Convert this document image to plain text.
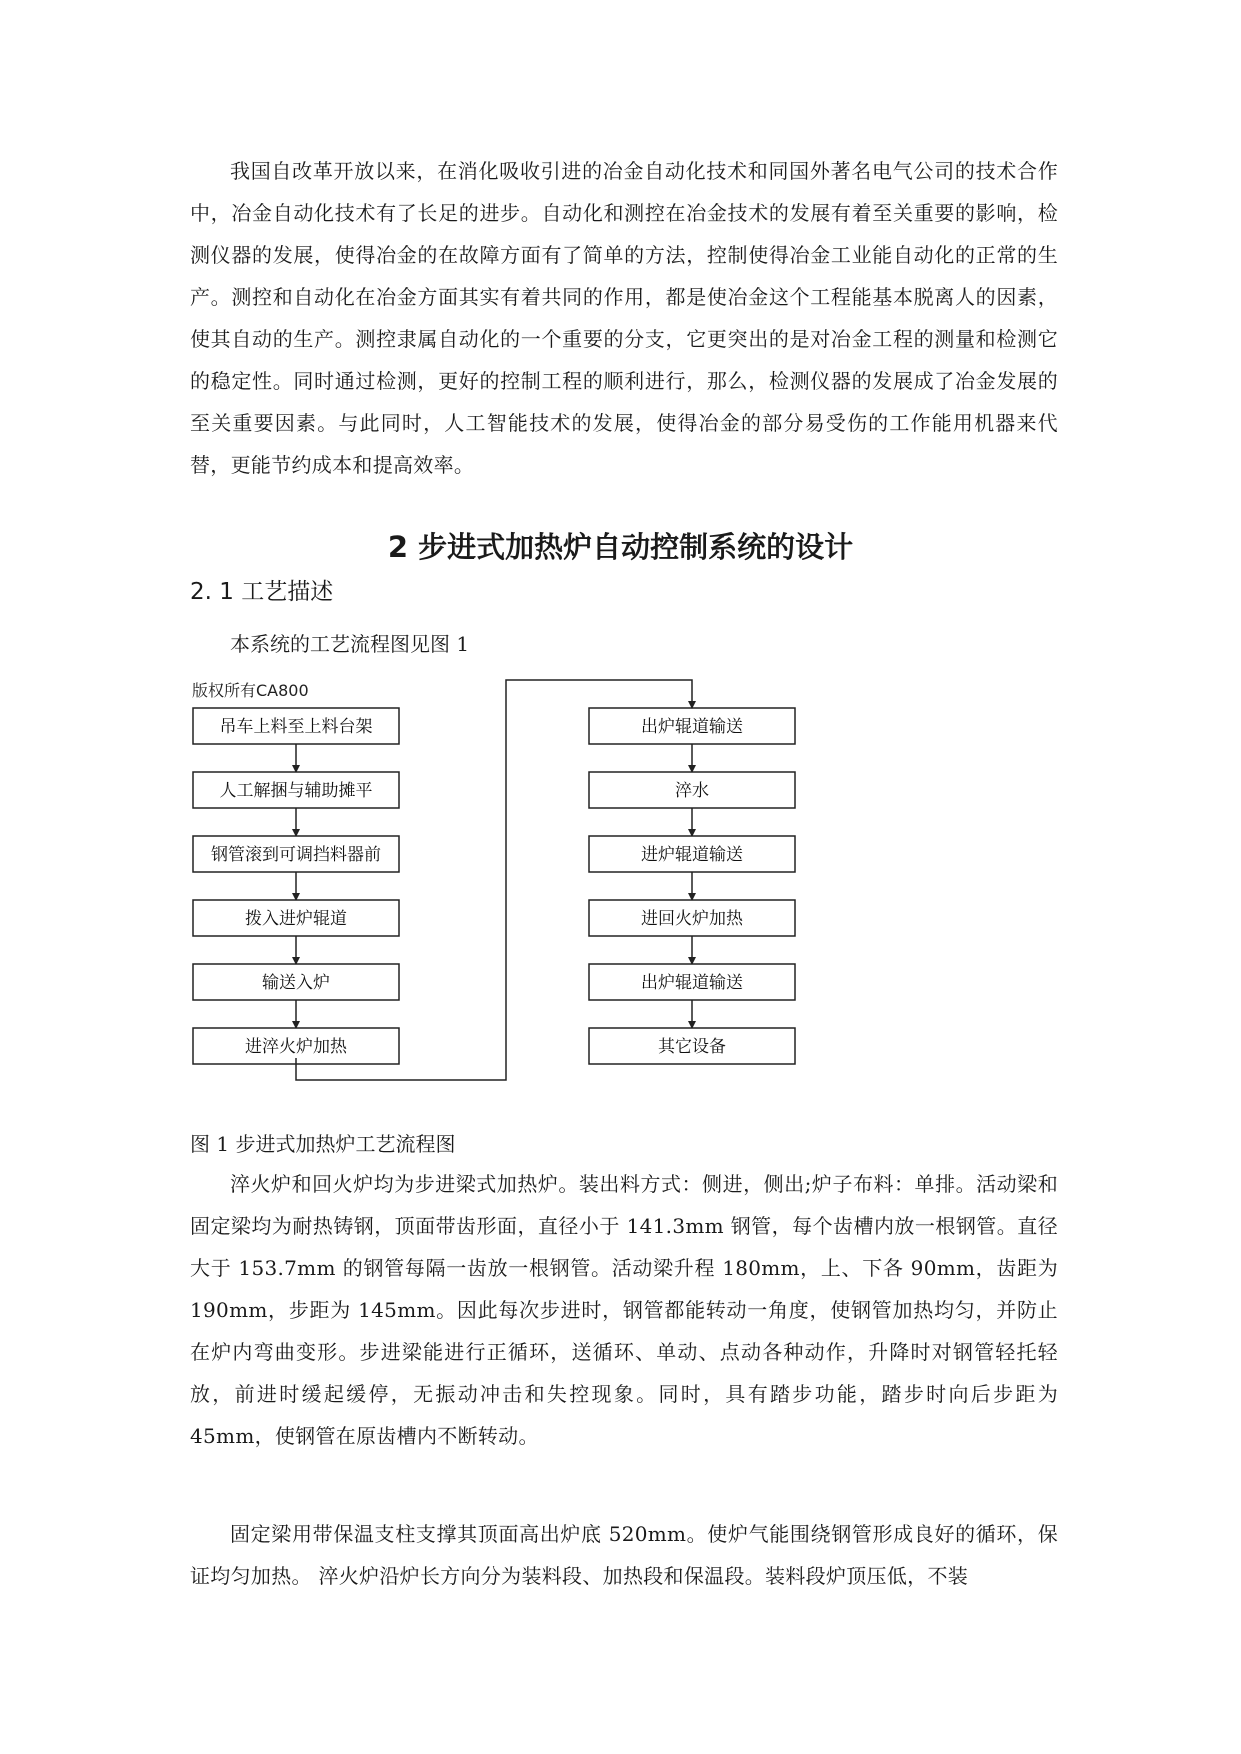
我国自改革开放以来，在消化吸收引进的冶金自动化技术和同国外著名电气公司的技术合作中，冶金自动化技术有了长足的进步。自动化和测控在冶金技术的发展有着至关重要的影响，检测仪器的发展，使得冶金的在故障方面有了简单的方法，控制使得冶金工业能自动化的正常的生产。测控和自动化在冶金方面其实有着共同的作用，都是使冶金这个工程能基本脱离人的因素，使其自动的生产。测控隶属自动化的一个重要的分支，它更突出的是对冶金工程的测量和检测它的稳定性。同时通过检测，更好的控制工程的顺利进行，那么，检测仪器的发展成了冶金发展的至关重要因素。与此同时，人工智能技术的发展，使得冶金的部分易受伤的工作能用机器来代替，更能节约成本和提高效率。

2 步进式加热炉自动控制系统的设计
2. 1 工艺描述

本系统的工艺流程图见图 1

版权所有CA800
吊车上料至上料台架
人工解捆与辅助摊平
钢管滚到可调挡料器前
拨入进炉辊道
输送入炉
进淬火炉加热
出炉辊道输送
淬水
进炉辊道输送
进回火炉加热
出炉辊道输送
其它设备

图 1 步进式加热炉工艺流程图

淬火炉和回火炉均为步进梁式加热炉。装出料方式：侧进，侧出;炉子布料：单排。活动梁和固定梁均为耐热铸钢，顶面带齿形面，直径小于 141.3mm 钢管，每个齿槽内放一根钢管。直径大于 153.7mm 的钢管每隔一齿放一根钢管。活动梁升程 180mm，上、下各 90mm，齿距为 190mm，步距为 145mm。因此每次步进时，钢管都能转动一角度，使钢管加热均匀，并防止在炉内弯曲变形。步进梁能进行正循环，送循环、单动、点动各种动作，升降时对钢管轻托轻放，前进时缓起缓停，无振动冲击和失控现象。同时，具有踏步功能，踏步时向后步距为 45mm，使钢管在原齿槽内不断转动。

固定梁用带保温支柱支撑其顶面高出炉底 520mm。使炉气能围绕钢管形成良好的循环，保证均匀加热。 淬火炉沿炉长方向分为装料段、加热段和保温段。装料段炉顶压低，不装
